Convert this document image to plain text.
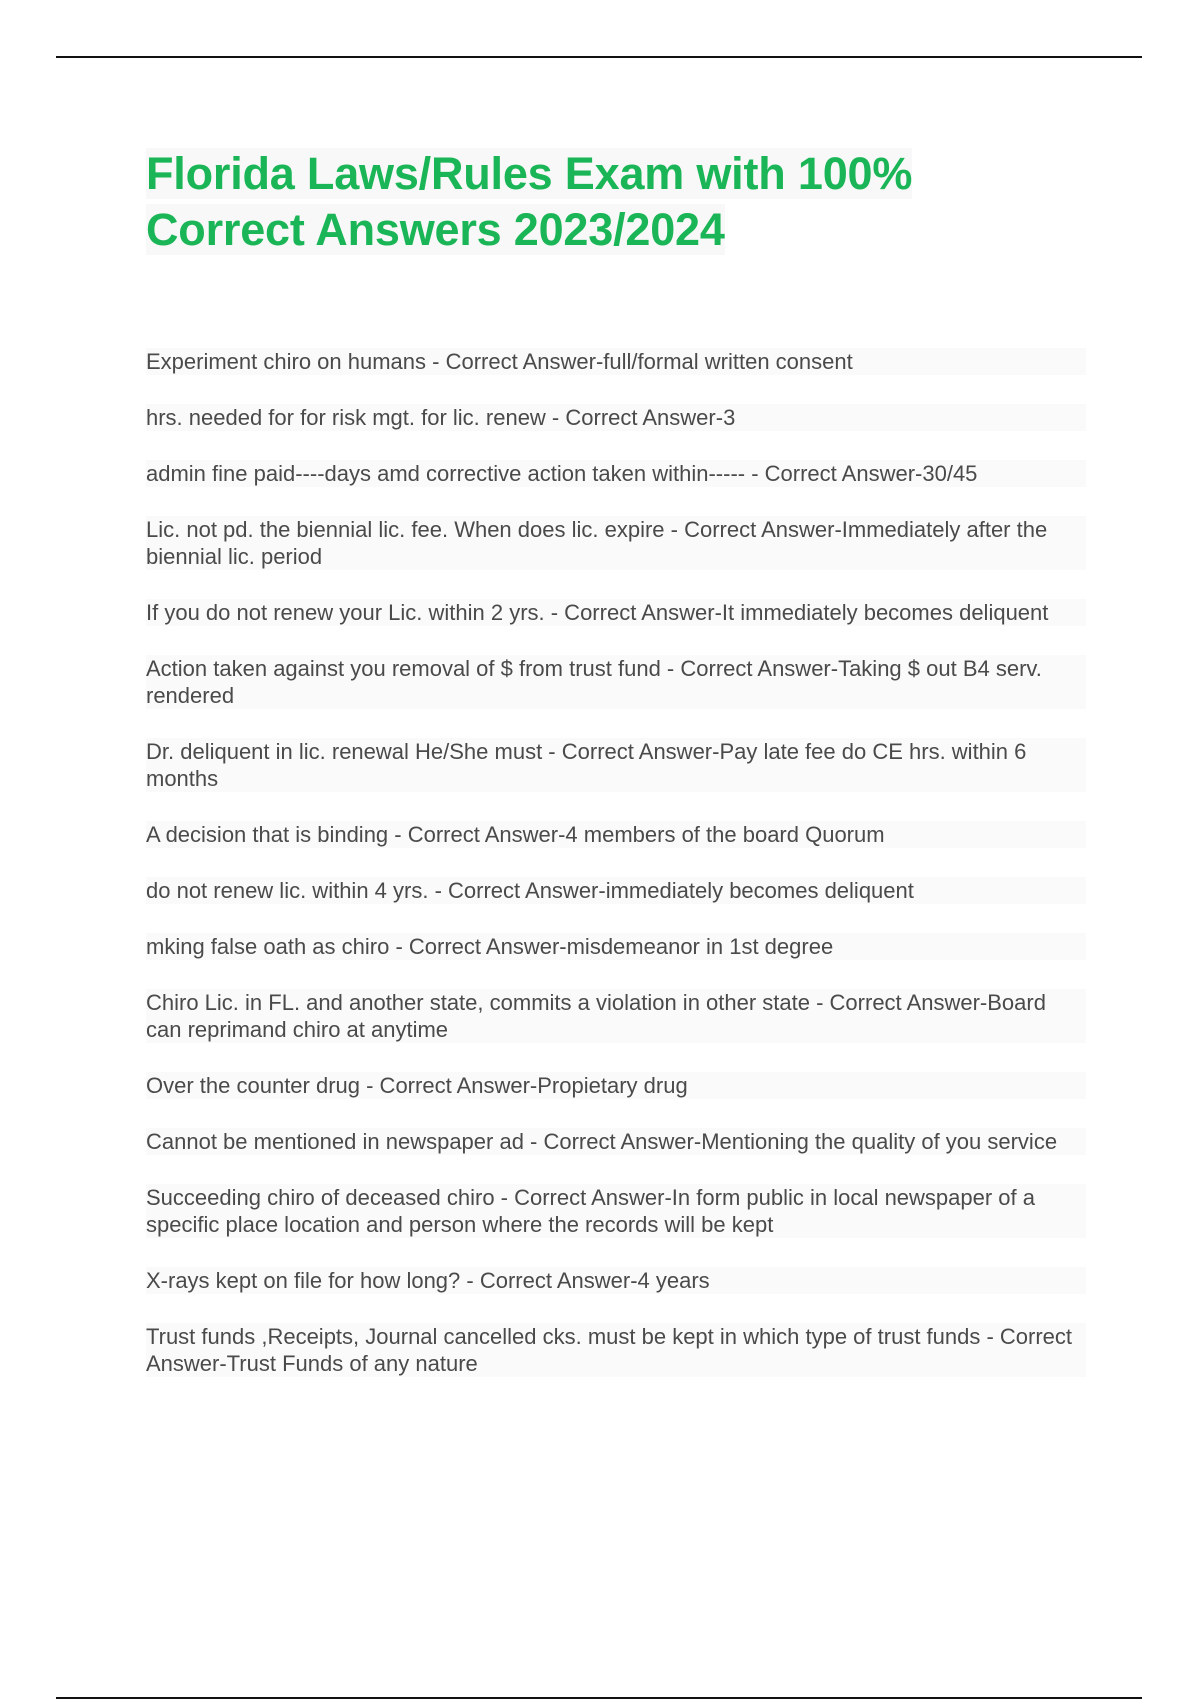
Florida Laws/Rules Exam with 100%
Correct Answers 2023/2024
Experiment chiro on humans - Correct Answer-full/formal written consent
hrs. needed for for risk mgt. for lic. renew - Correct Answer-3
admin fine paid----days amd corrective action taken within----- - Correct Answer-30/45
Lic. not pd. the biennial lic. fee. When does lic. expire - Correct Answer-Immediately after the biennial lic. period
If you do not renew your Lic. within 2 yrs. - Correct Answer-It immediately becomes deliquent
Action taken against you removal of $ from trust fund - Correct Answer-Taking $ out B4 serv. rendered
Dr. deliquent in lic. renewal He/She must - Correct Answer-Pay late fee do CE hrs. within 6 months
A decision that is binding - Correct Answer-4 members of the board Quorum
do not renew lic. within 4 yrs. - Correct Answer-immediately becomes deliquent
mking false oath as chiro - Correct Answer-misdemeanor in 1st degree
Chiro Lic. in FL. and another state, commits a violation in other state - Correct Answer-Board can reprimand chiro at anytime
Over the counter drug - Correct Answer-Propietary drug
Cannot be mentioned in newspaper ad - Correct Answer-Mentioning the quality of you service
Succeeding chiro of deceased chiro - Correct Answer-In form public in local newspaper of a specific place location and person where the records will be kept
X-rays kept on file for how long? - Correct Answer-4 years
Trust funds ,Receipts, Journal cancelled cks. must be kept in which type of trust funds - Correct Answer-Trust Funds of any nature
